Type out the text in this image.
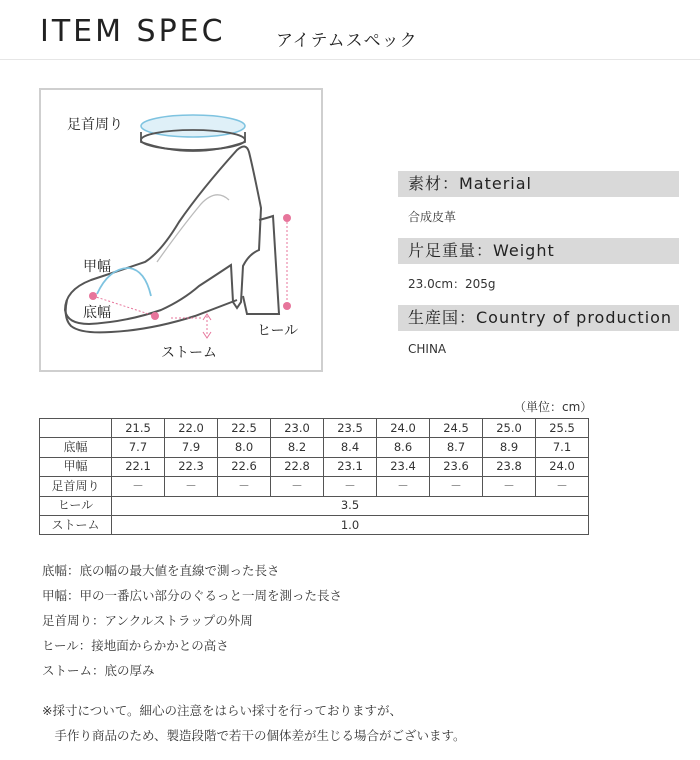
ITEM SPEC	アイテムスペック
足首周り
甲幅
底幅
ヒール
ストーム
素材：Material
合成皮革
片足重量：Weight
23.0cm：205g
生産国：Country of production
CHINA
（単位：cm）
	21.5	22.0	22.5	23.0	23.5	24.0	24.5	25.0	25.5
底幅	7.7	7.9	8.0	8.2	8.4	8.6	8.7	8.9	7.1
甲幅	22.1	22.3	22.6	22.8	23.1	23.4	23.6	23.8	24.0
足首周り	－	－	－	－	－	－	－	－	－
ヒール	3.5								
ストーム	1.0								
底幅：底の幅の最大値を直線で測った長さ
甲幅：甲の一番広い部分のぐるっと一周を測った長さ
足首周り：アンクルストラップの外周
ヒール：接地面からかかとの高さ
ストーム：底の厚み
※採寸について。細心の注意をはらい採寸を行っておりますが、
　手作り商品のため、製造段階で若干の個体差が生じる場合がございます。
